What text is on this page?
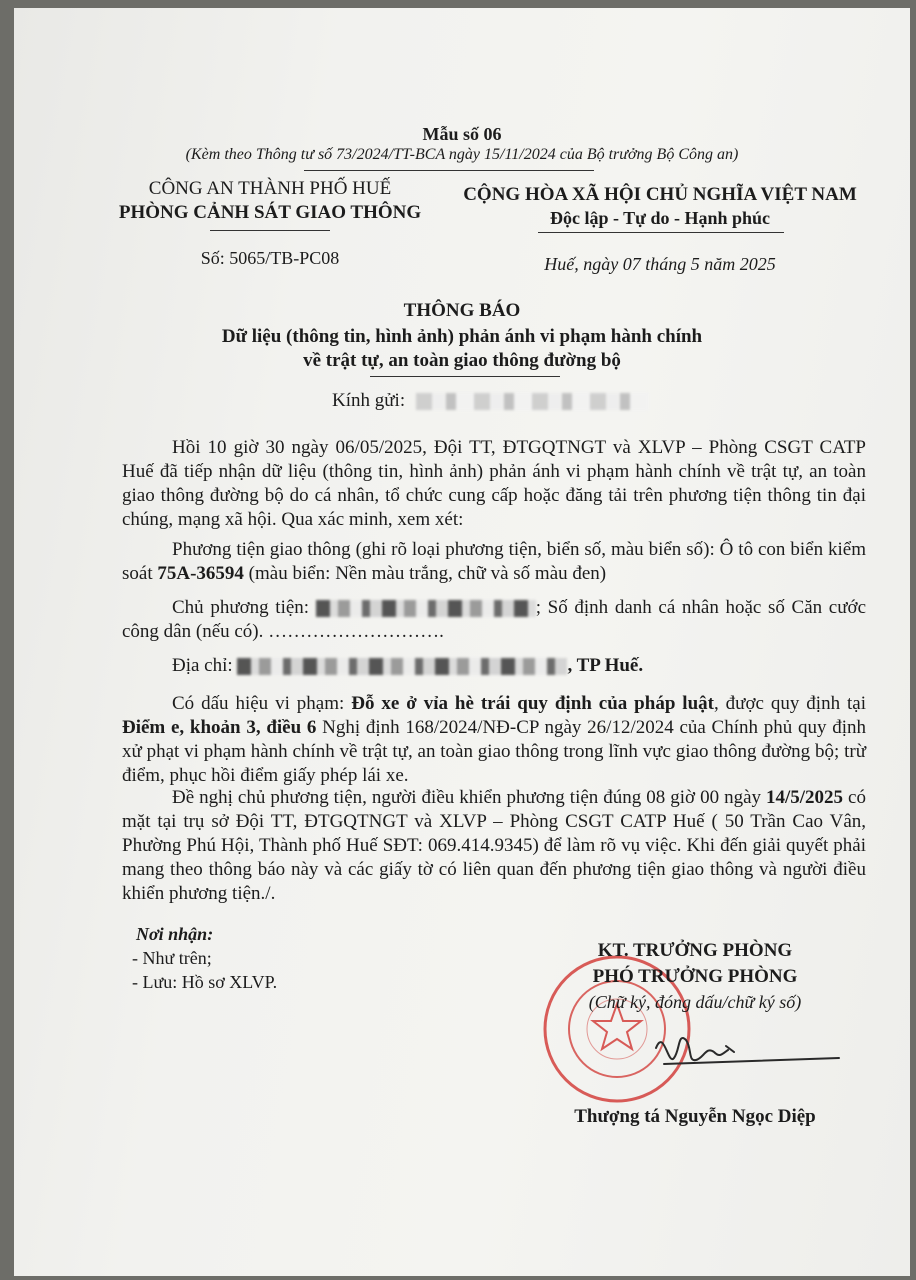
Mẫu số 06
(Kèm theo Thông tư số 73/2024/TT-BCA ngày 15/11/2024 của Bộ trưởng Bộ Công an)
CÔNG AN THÀNH PHỐ HUẾ
PHÒNG CẢNH SÁT GIAO THÔNG
Số: 5065/TB-PC08
CỘNG HÒA XÃ HỘI CHỦ NGHĨA VIỆT NAM
Độc lập - Tự do - Hạnh phúc
Huế, ngày 07 tháng 5 năm 2025
THÔNG BÁO
Dữ liệu (thông tin, hình ảnh) phản ánh vi phạm hành chính
về trật tự, an toàn giao thông đường bộ
Kính gửi:

Hồi 10 giờ 30 ngày 06/05/2025, Đội TT, ĐTGQTNGT và XLVP – Phòng CSGT CATP Huế đã tiếp nhận dữ liệu (thông tin, hình ảnh) phản ánh vi phạm hành chính về trật tự, an toàn giao thông đường bộ do cá nhân, tổ chức cung cấp hoặc đăng tải trên phương tiện thông tin đại chúng, mạng xã hội. Qua xác minh, xem xét:

Phương tiện giao thông (ghi rõ loại phương tiện, biển số, màu biển số): Ô tô con biển kiểm soát 75A-36594 (màu biển: Nền màu trắng, chữ và số màu đen)

Chủ phương tiện:	; Số định danh cá nhân hoặc số Căn cước công dân (nếu có). ……………………….

Địa chỉ:	, TP Huế.

Có dấu hiệu vi phạm: Đỗ xe ở vỉa hè trái quy định của pháp luật, được quy định tại Điểm e, khoản 3, điều 6 Nghị định 168/2024/NĐ-CP ngày 26/12/2024 của Chính phủ quy định xử phạt vi phạm hành chính về trật tự, an toàn giao thông trong lĩnh vực giao thông đường bộ; trừ điểm, phục hồi điểm giấy phép lái xe.

Đề nghị chủ phương tiện, người điều khiển phương tiện đúng 08 giờ 00 ngày 14/5/2025 có mặt tại trụ sở Đội TT, ĐTGQTNGT và XLVP – Phòng CSGT CATP Huế ( 50 Trần Cao Vân, Phường Phú Hội, Thành phố Huế SĐT: 069.414.9345) để làm rõ vụ việc. Khi đến giải quyết phải mang theo thông báo này và các giấy tờ có liên quan đến phương tiện giao thông và người điều khiển phương tiện./.

Nơi nhận:
- Như trên;
- Lưu: Hồ sơ XLVP.
KT. TRƯỞNG PHÒNG
PHÓ TRƯỞNG PHÒNG
(Chữ ký, đóng dấu/chữ ký số)
Thượng tá Nguyễn Ngọc Diệp
